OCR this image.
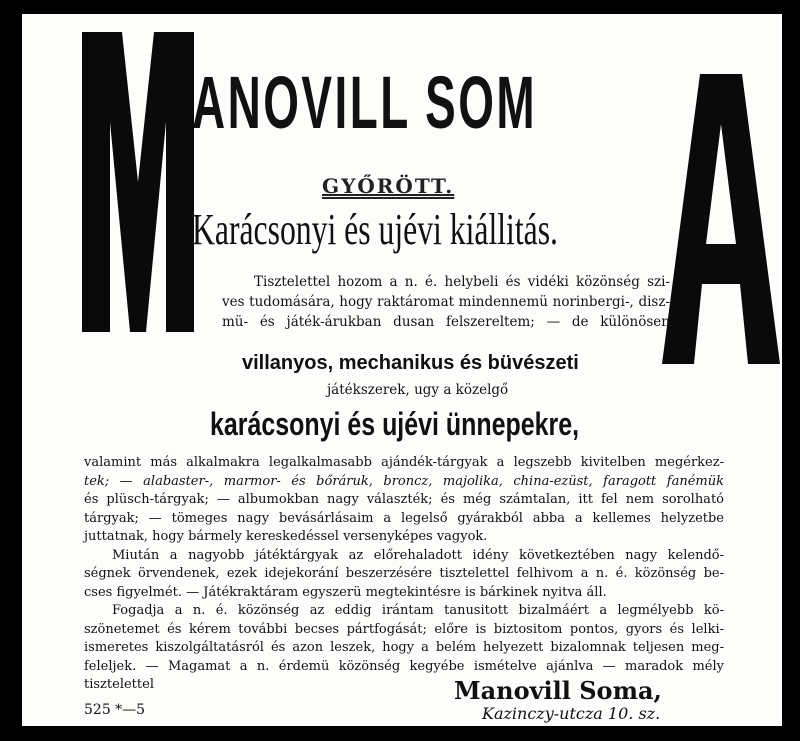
ANOVILL SOM
GYŐRÖTT.
Karácsonyi és ujévi kiállitás.
Tisztelettel hozom a n. é. helybeli és vidéki közönség szi-
ves tudomására, hogy raktáromat mindennemü norinbergi-, disz-
mü- és játék-árukban dusan felszereltem; — de különösen
villanyos, mechanikus és büvészeti
játékszerek, ugy a közelgő
karácsonyi és ujévi ünnepekre,
valamint más alkalmakra legalkalmasabb ajándék-tárgyak a legszebb kivitelben megérkez-
tek; — alabaster-, marmor- és bőráruk, broncz, majolika, china-ezüst, faragott fanémük
és plüsch-tárgyak; — albumokban nagy választék; és még számtalan, itt fel nem sorolható
tárgyak; — tömeges nagy bevásárlásaim a legelső gyárakból abba a kellemes helyzetbe
juttatnak, hogy bármely kereskedéssel versenyképes vagyok.
Miután a nagyobb játéktárgyak az előrehaladott idény következtében nagy kelendő-
ségnek örvendenek, ezek idejekorání beszerzésére tisztelettel felhivom a n. é. közönség be-
cses figyelmét. — Játékraktáram egyszerü megtekintésre is bárkinek nyitva áll.
Fogadja a n. é. közönség az eddig irántam tanusitott bizalmáért a legmélyebb kö-
szönetemet és kérem további becses pártfogását; előre is biztositom pontos, gyors és lelki-
ismeretes kiszolgáltatásról és azon leszek, hogy a belém helyezett bizalomnak teljesen meg-
feleljek. — Magamat a n. érdemü közönség kegyébe ismételve ajánlva — maradok mély
tisztelettel	Manovill Soma,
Kazinczy-utcza 10. sz.
525 *—5
